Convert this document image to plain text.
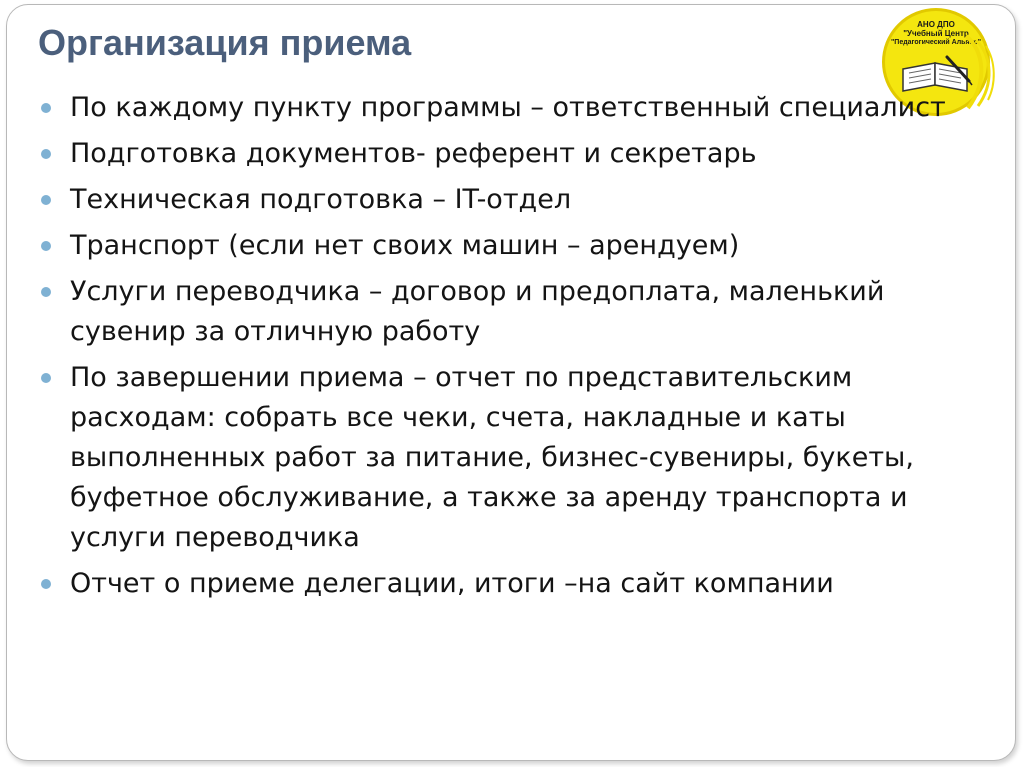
Организация приема	АНО ДПО
"Учебный Центр
"Педагогический Альянс"
По каждому пункту программы – ответственный специалист
Подготовка документов- референт и секретарь
Техническая подготовка – IT-отдел
Транспорт (если нет своих машин – арендуем)
Услуги переводчика – договор и предоплата, маленький сувенир за отличную работу
По завершении приема – отчет по представительским расходам: собрать все чеки, счета, накладные и каты выполненных работ за питание, бизнес-сувениры, букеты, буфетное обслуживание, а также за аренду транспорта и услуги переводчика
Отчет о приеме делегации, итоги –на сайт компании
